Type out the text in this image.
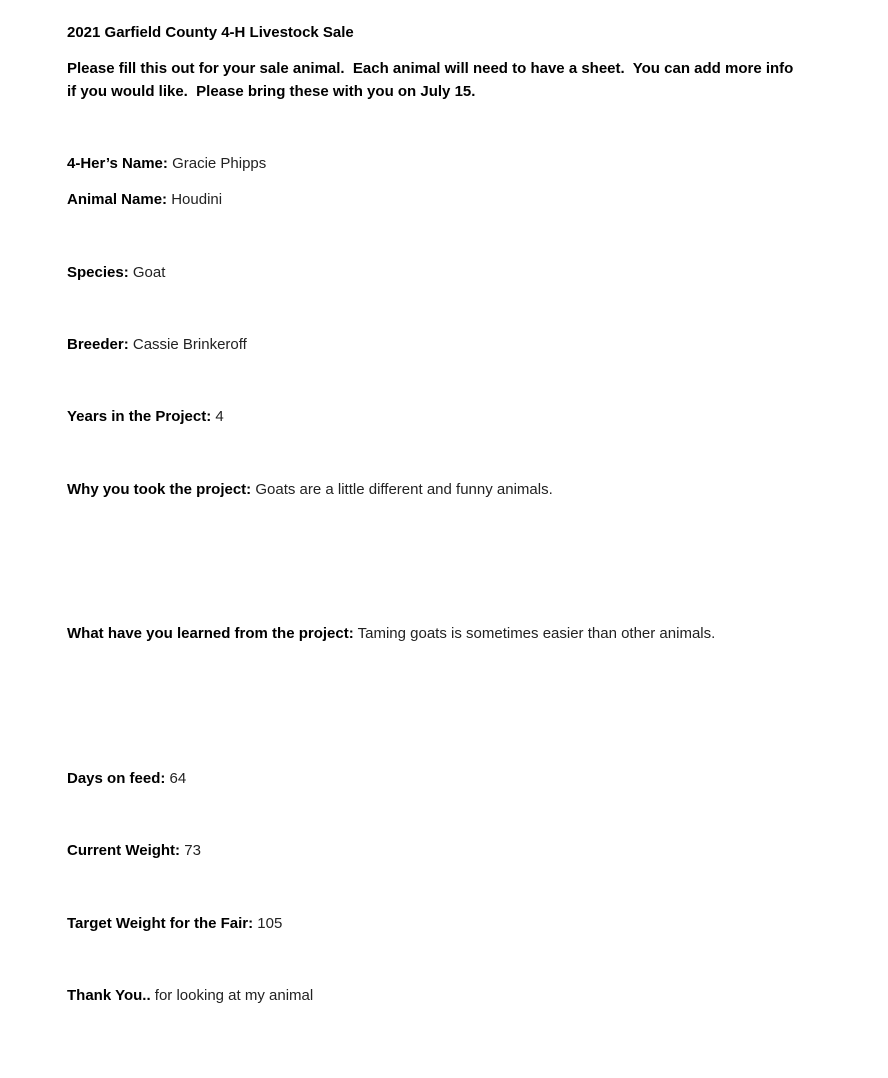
2021 Garfield County 4-H Livestock Sale
Please fill this out for your sale animal.  Each animal will need to have a sheet.  You can add more info
if you would like.  Please bring these with you on July 15.
4-Her’s Name: Gracie Phipps
Animal Name: Houdini
Species: Goat
Breeder: Cassie Brinkeroff
Years in the Project: 4
Why you took the project: Goats are a little different and funny animals.
What have you learned from the project: Taming goats is sometimes easier than other animals.
Days on feed: 64
Current Weight: 73
Target Weight for the Fair: 105
Thank You.. for looking at my animal
